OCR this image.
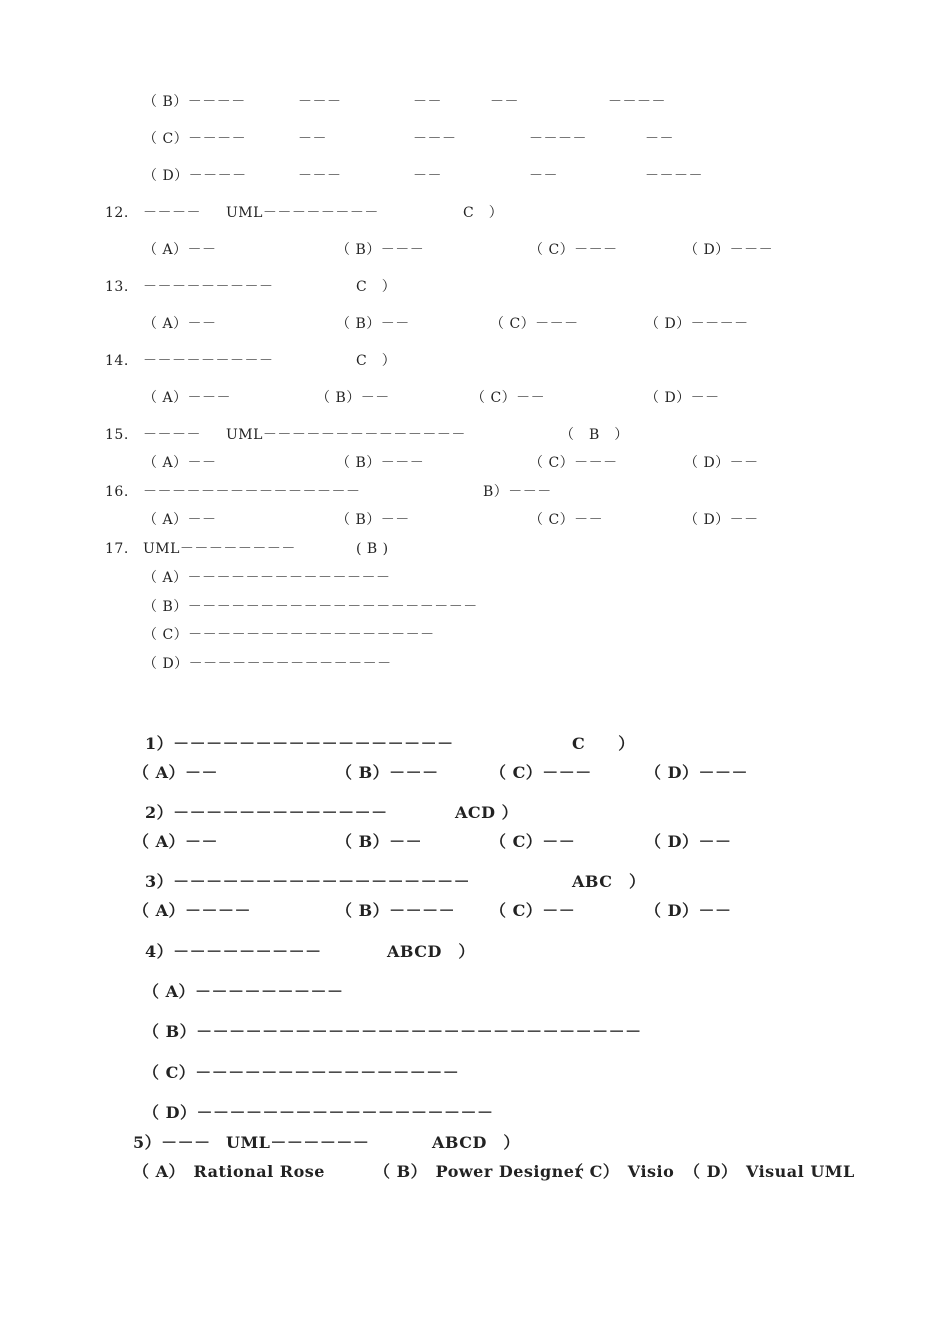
（ B）－－－－	－－－	－－	－－	－－－－
（ C）－－－－	－－	－－－	－－－－	－－
（ D）－－－－	－－－	－－	－－	－－－－
12. －－－－ UML－－－－－－－－	C　）
（ A）－－	（ B）－－－	（ C）－－－	（ D）－－－
13. －－－－－－－－－	C　）
（ A）－－	（ B）－－	（ C）－－－	（ D）－－－－
14. －－－－－－－－－	C　）
（ A）－－－	（ B）－－	（ C）－－	（ D）－－
15. －－－－ UML－－－－－－－－－－－－－－	（　B　）
（ A）－－	（ B）－－－	（ C）－－－	（ D）－－
16. －－－－－－－－－－－－－－－	B）－－－
（ A）－－	（ B）－－	（ C）－－	（ D）－－
17. UML－－－－－－－－	( B )
（ A）－－－－－－－－－－－－－－
（ B）－－－－－－－－－－－－－－－－－－－－
（ C）－－－－－－－－－－－－－－－－－
（ D）－－－－－－－－－－－－－－
1）－－－－－－－－－－－－－－－－－	C　　）
（ A）－－	（ B）－－－	（ C）－－－	（ D）－－－
2）－－－－－－－－－－－－－	ACD ）
（ A）－－	（ B）－－	（ C）－－	（ D）－－
3）－－－－－－－－－－－－－－－－－－	ABC　）
（ A）－－－－	（ B）－－－－ （ C）－－	（ D）－－
4）－－－－－－－－－	ABCD　）
（ A）－－－－－－－－－
（ B）－－－－－－－－－－－－－－－－－－－－－－－－－－－
（ C）－－－－－－－－－－－－－－－－
（ D）－－－－－－－－－－－－－－－－－－
5）－－－ UML－－－－－－	ABCD　）
（ A）　Rational Rose	（ B）　Power Designer
（ C）　Visio （ D）　Visual UML
